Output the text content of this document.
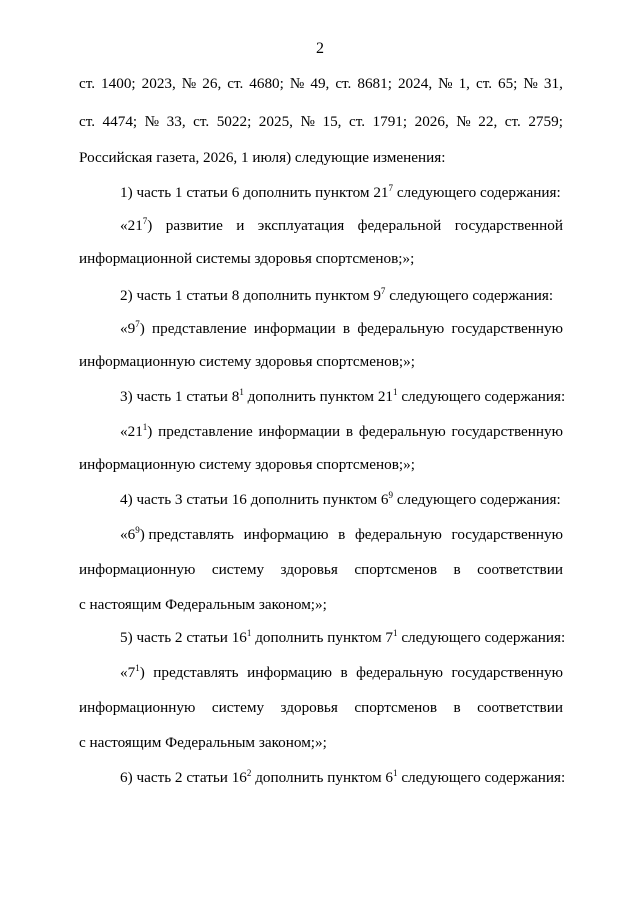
2
ст. 1400; 2023, № 26, ст. 4680; № 49, ст. 8681; 2024, № 1, ст. 65; № 31,
ст. 4474; № 33, ст. 5022; 2025, № 15, ст. 1791; 2026, № 22, ст. 2759;
Российская газета, 2026, 1 июля) следующие изменения:
1) часть 1 статьи 6 дополнить пунктом $21^7$ следующего содержания:
«$21^7$) развитие и эксплуатация федеральной государственной
информационной системы здоровья спортсменов;»;
2) часть 1 статьи 8 дополнить пунктом $9^7$ следующего содержания:
«$9^7$) представление информации в федеральную государственную
информационную систему здоровья спортсменов;»;
3) часть 1 статьи $8^1$ дополнить пунктом $21^1$ следующего содержания:
«$21^1$) представление информации в федеральную государственную
информационную систему здоровья спортсменов;»;
4) часть 3 статьи 16 дополнить пунктом $6^9$ следующего содержания:
«$6^9$) представлять информацию в федеральную государственную
информационную систему здоровья спортсменов в соответствии
с настоящим Федеральным законом;»;
5) часть 2 статьи $16^1$ дополнить пунктом $7^1$ следующего содержания:
«$7^1$) представлять информацию в федеральную государственную
информационную систему здоровья спортсменов в соответствии
с настоящим Федеральным законом;»;
6) часть 2 статьи $16^2$ дополнить пунктом $6^1$ следующего содержания:
